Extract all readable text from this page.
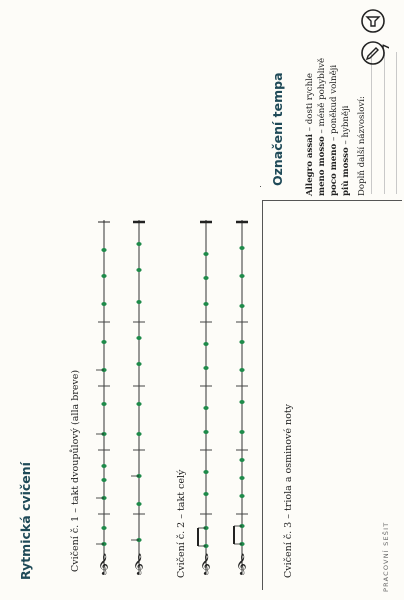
Označení tempa Allegro assai – dosti rychle
meno mosso – méně pohyblivě
poco meno – poněkud volněji
più mosso – hybněji Doplň další názvosloví:
Rytmická cvičení	Cvičení č. 1 – takt dvoupůlový (alla breve)	Cvičení č. 2 – takt celý	Cvičení č. 3 – triola a osminové noty
𝄞 𝄞	𝄞 𝄞	PRACOVNÍ SEŠIT
7
